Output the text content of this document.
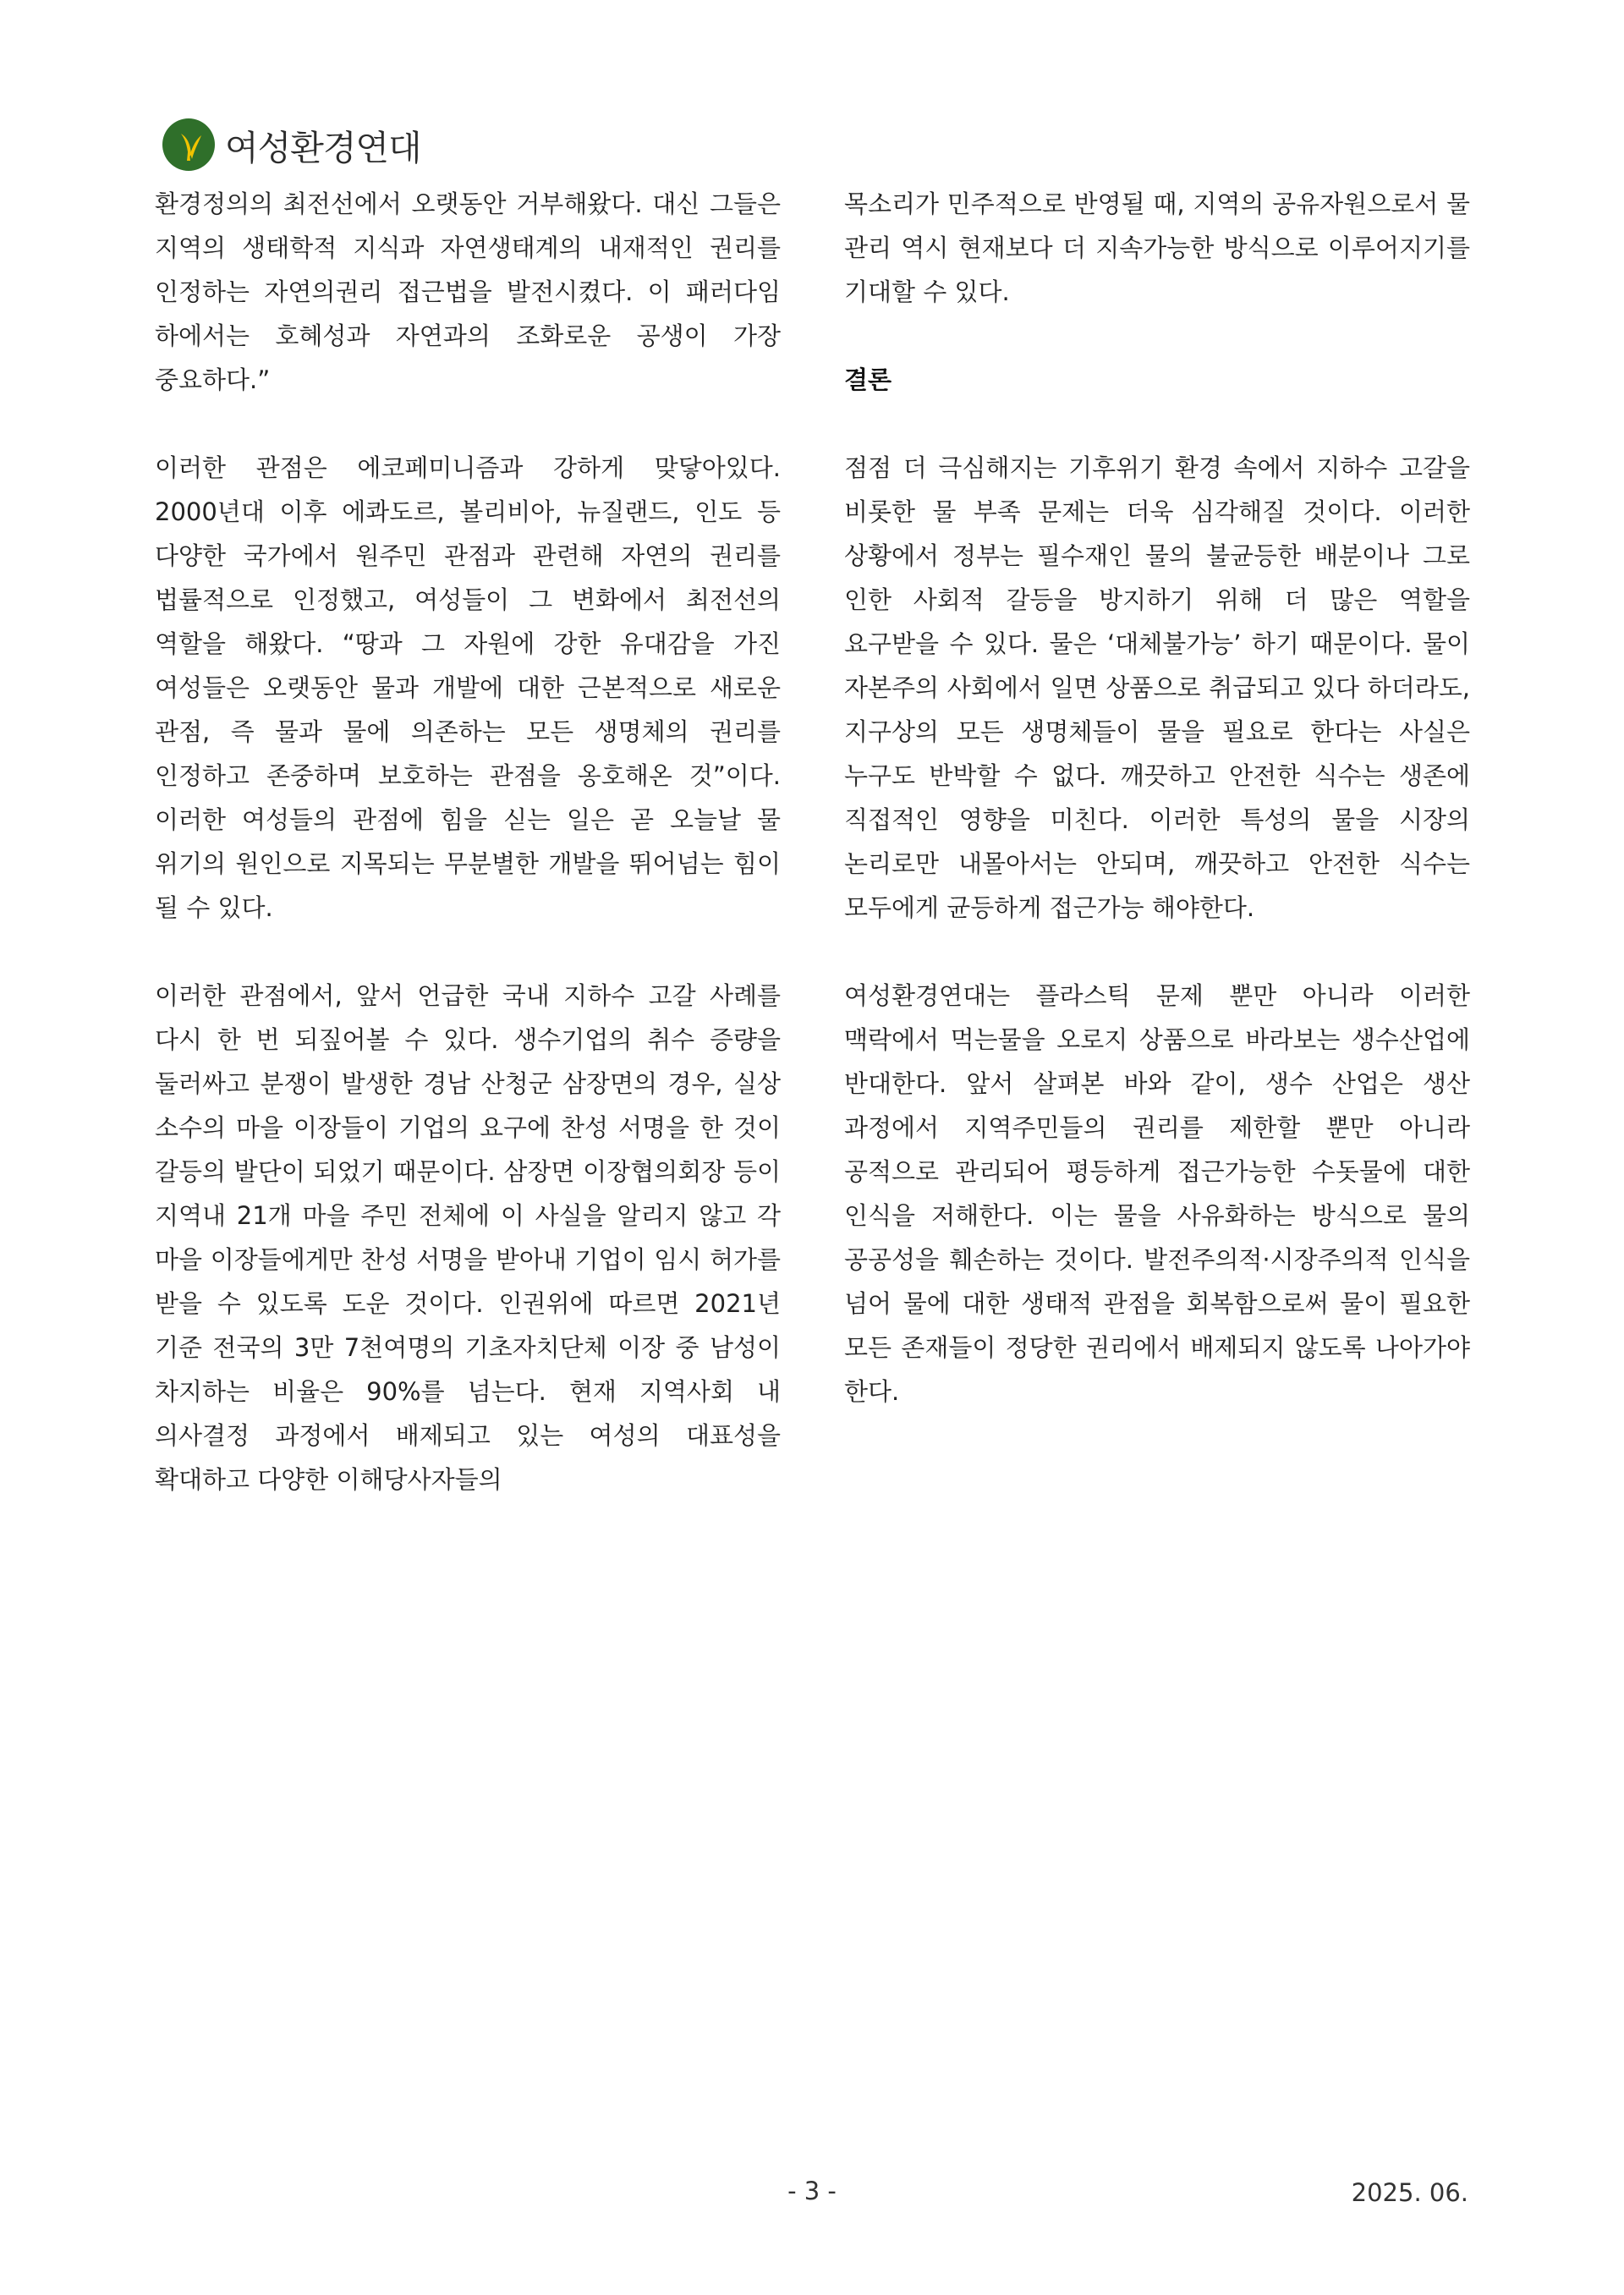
여성환경연대

환경정의의 최전선에서 오랫동안 거부해왔다. 대신 그들은 지역의 생태학적 지식과 자연생태계의 내재적인 권리를 인정하는 자연의권리 접근법을 발전시켰다. 이 패러다임 하에서는 호혜성과 자연과의 조화로운 공생이 가장 중요하다.”

이러한 관점은 에코페미니즘과 강하게 맞닿아있다. 2000년대 이후 에콰도르, 볼리비아, 뉴질랜드, 인도 등 다양한 국가에서 원주민 관점과 관련해 자연의 권리를 법률적으로 인정했고, 여성들이 그 변화에서 최전선의 역할을 해왔다. “땅과 그 자원에 강한 유대감을 가진 여성들은 오랫동안 물과 개발에 대한 근본적으로 새로운 관점, 즉 물과 물에 의존하는 모든 생명체의 권리를 인정하고 존중하며 보호하는 관점을 옹호해온 것”이다. 이러한 여성들의 관점에 힘을 싣는 일은 곧 오늘날 물 위기의 원인으로 지목되는 무분별한 개발을 뛰어넘는 힘이 될 수 있다.

이러한 관점에서, 앞서 언급한 국내 지하수 고갈 사례를 다시 한 번 되짚어볼 수 있다. 생수기업의 취수 증량을 둘러싸고 분쟁이 발생한 경남 산청군 삼장면의 경우, 실상 소수의 마을 이장들이 기업의 요구에 찬성 서명을 한 것이 갈등의 발단이 되었기 때문이다. 삼장면 이장협의회장 등이 지역내 21개 마을 주민 전체에 이 사실을 알리지 않고 각 마을 이장들에게만 찬성 서명을 받아내 기업이 임시 허가를 받을 수 있도록 도운 것이다. 인권위에 따르면 2021년 기준 전국의 3만 7천여명의 기초자치단체 이장 중 남성이 차지하는 비율은 90%를 넘는다. 현재 지역사회 내 의사결정 과정에서 배제되고 있는 여성의 대표성을 확대하고 다양한 이해당사자들의

목소리가 민주적으로 반영될 때, 지역의 공유자원으로서 물 관리 역시 현재보다 더 지속가능한 방식으로 이루어지기를 기대할 수 있다.

결론

점점 더 극심해지는 기후위기 환경 속에서 지하수 고갈을 비롯한 물 부족 문제는 더욱 심각해질 것이다. 이러한 상황에서 정부는 필수재인 물의 불균등한 배분이나 그로 인한 사회적 갈등을 방지하기 위해 더 많은 역할을 요구받을 수 있다. 물은 ‘대체불가능’ 하기 때문이다. 물이 자본주의 사회에서 일면 상품으로 취급되고 있다 하더라도, 지구상의 모든 생명체들이 물을 필요로 한다는 사실은 누구도 반박할 수 없다. 깨끗하고 안전한 식수는 생존에 직접적인 영향을 미친다. 이러한 특성의 물을 시장의 논리로만 내몰아서는 안되며, 깨끗하고 안전한 식수는 모두에게 균등하게 접근가능 해야한다.

여성환경연대는 플라스틱 문제 뿐만 아니라 이러한 맥락에서 먹는물을 오로지 상품으로 바라보는 생수산업에 반대한다. 앞서 살펴본 바와 같이, 생수 산업은 생산 과정에서 지역주민들의 권리를 제한할 뿐만 아니라 공적으로 관리되어 평등하게 접근가능한 수돗물에 대한 인식을 저해한다. 이는 물을 사유화하는 방식으로 물의 공공성을 훼손하는 것이다. 발전주의적·시장주의적 인식을 넘어 물에 대한 생태적 관점을 회복함으로써 물이 필요한 모든 존재들이 정당한 권리에서 배제되지 않도록 나아가야 한다.

- 3 -	2025. 06.
